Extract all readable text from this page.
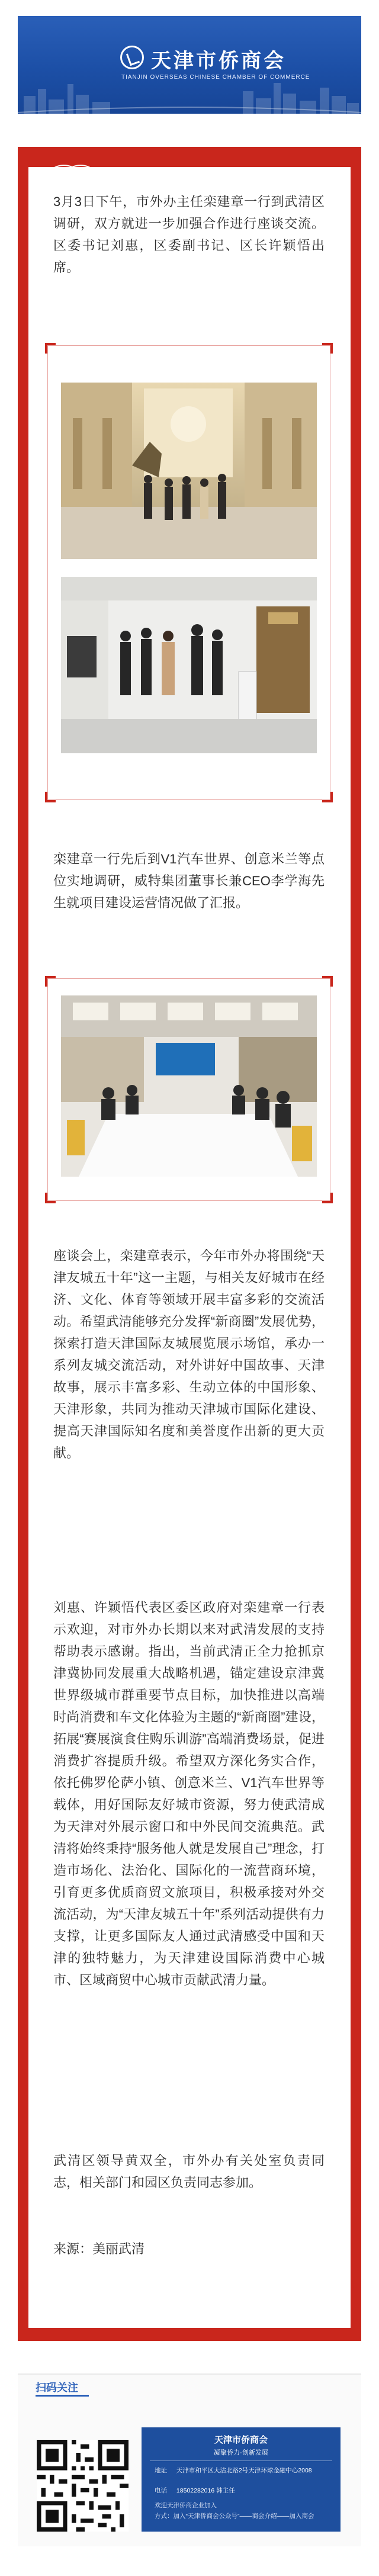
天津市侨商会
TIANJIN OVERSEAS CHINESE CHAMBER OF COMMERCE
3月3日下午，市外办主任栾建章一行到武清区调研，双方就进一步加强合作进行座谈交流。区委书记刘惠，区委副书记、区长许颖悟出席。
栾建章一行先后到V1汽车世界、创意米兰等点位实地调研，威特集团董事长兼CEO李学海先生就项目建设运营情况做了汇报。
座谈会上，栾建章表示，今年市外办将围绕“天津友城五十年”这一主题，与相关友好城市在经济、文化、体育等领域开展丰富多彩的交流活动。希望武清能够充分发挥“新商圈”发展优势，探索打造天津国际友城展览展示场馆，承办一系列友城交流活动，对外讲好中国故事、天津故事，展示丰富多彩、生动立体的中国形象、天津形象，共同为推动天津城市国际化建设、提高天津国际知名度和美誉度作出新的更大贡献。
刘惠、许颖悟代表区委区政府对栾建章一行表示欢迎，对市外办长期以来对武清发展的支持帮助表示感谢。指出，当前武清正全力抢抓京津冀协同发展重大战略机遇，锚定建设京津冀世界级城市群重要节点目标，加快推进以高端时尚消费和车文化体验为主题的“新商圈”建设，拓展“赛展演食住购乐训游”高端消费场景，促进消费扩容提质升级。希望双方深化务实合作，依托佛罗伦萨小镇、创意米兰、V1汽车世界等载体，用好国际友好城市资源，努力使武清成为天津对外展示窗口和中外民间交流典范。武清将始终秉持“服务他人就是发展自己”理念，打造市场化、法治化、国际化的一流营商环境，引育更多优质商贸文旅项目，积极承接对外交流活动，为“天津友城五十年”系列活动提供有力支撑，让更多国际友人通过武清感受中国和天津的独特魅力，为天津建设国际消费中心城市、区域商贸中心城市贡献武清力量。
武清区领导黄双全，市外办有关处室负责同志，相关部门和园区负责同志参加。
来源：美丽武清
扫码关注
天津市侨商会
凝聚侨力·创新发展
地址 天津市和平区大沽北路2号天津环球金融中心2008
电话 18502282016 韩主任
欢迎天津侨商企业加入
方式：加入“天津侨商会公众号”——商会介绍——加入商会
